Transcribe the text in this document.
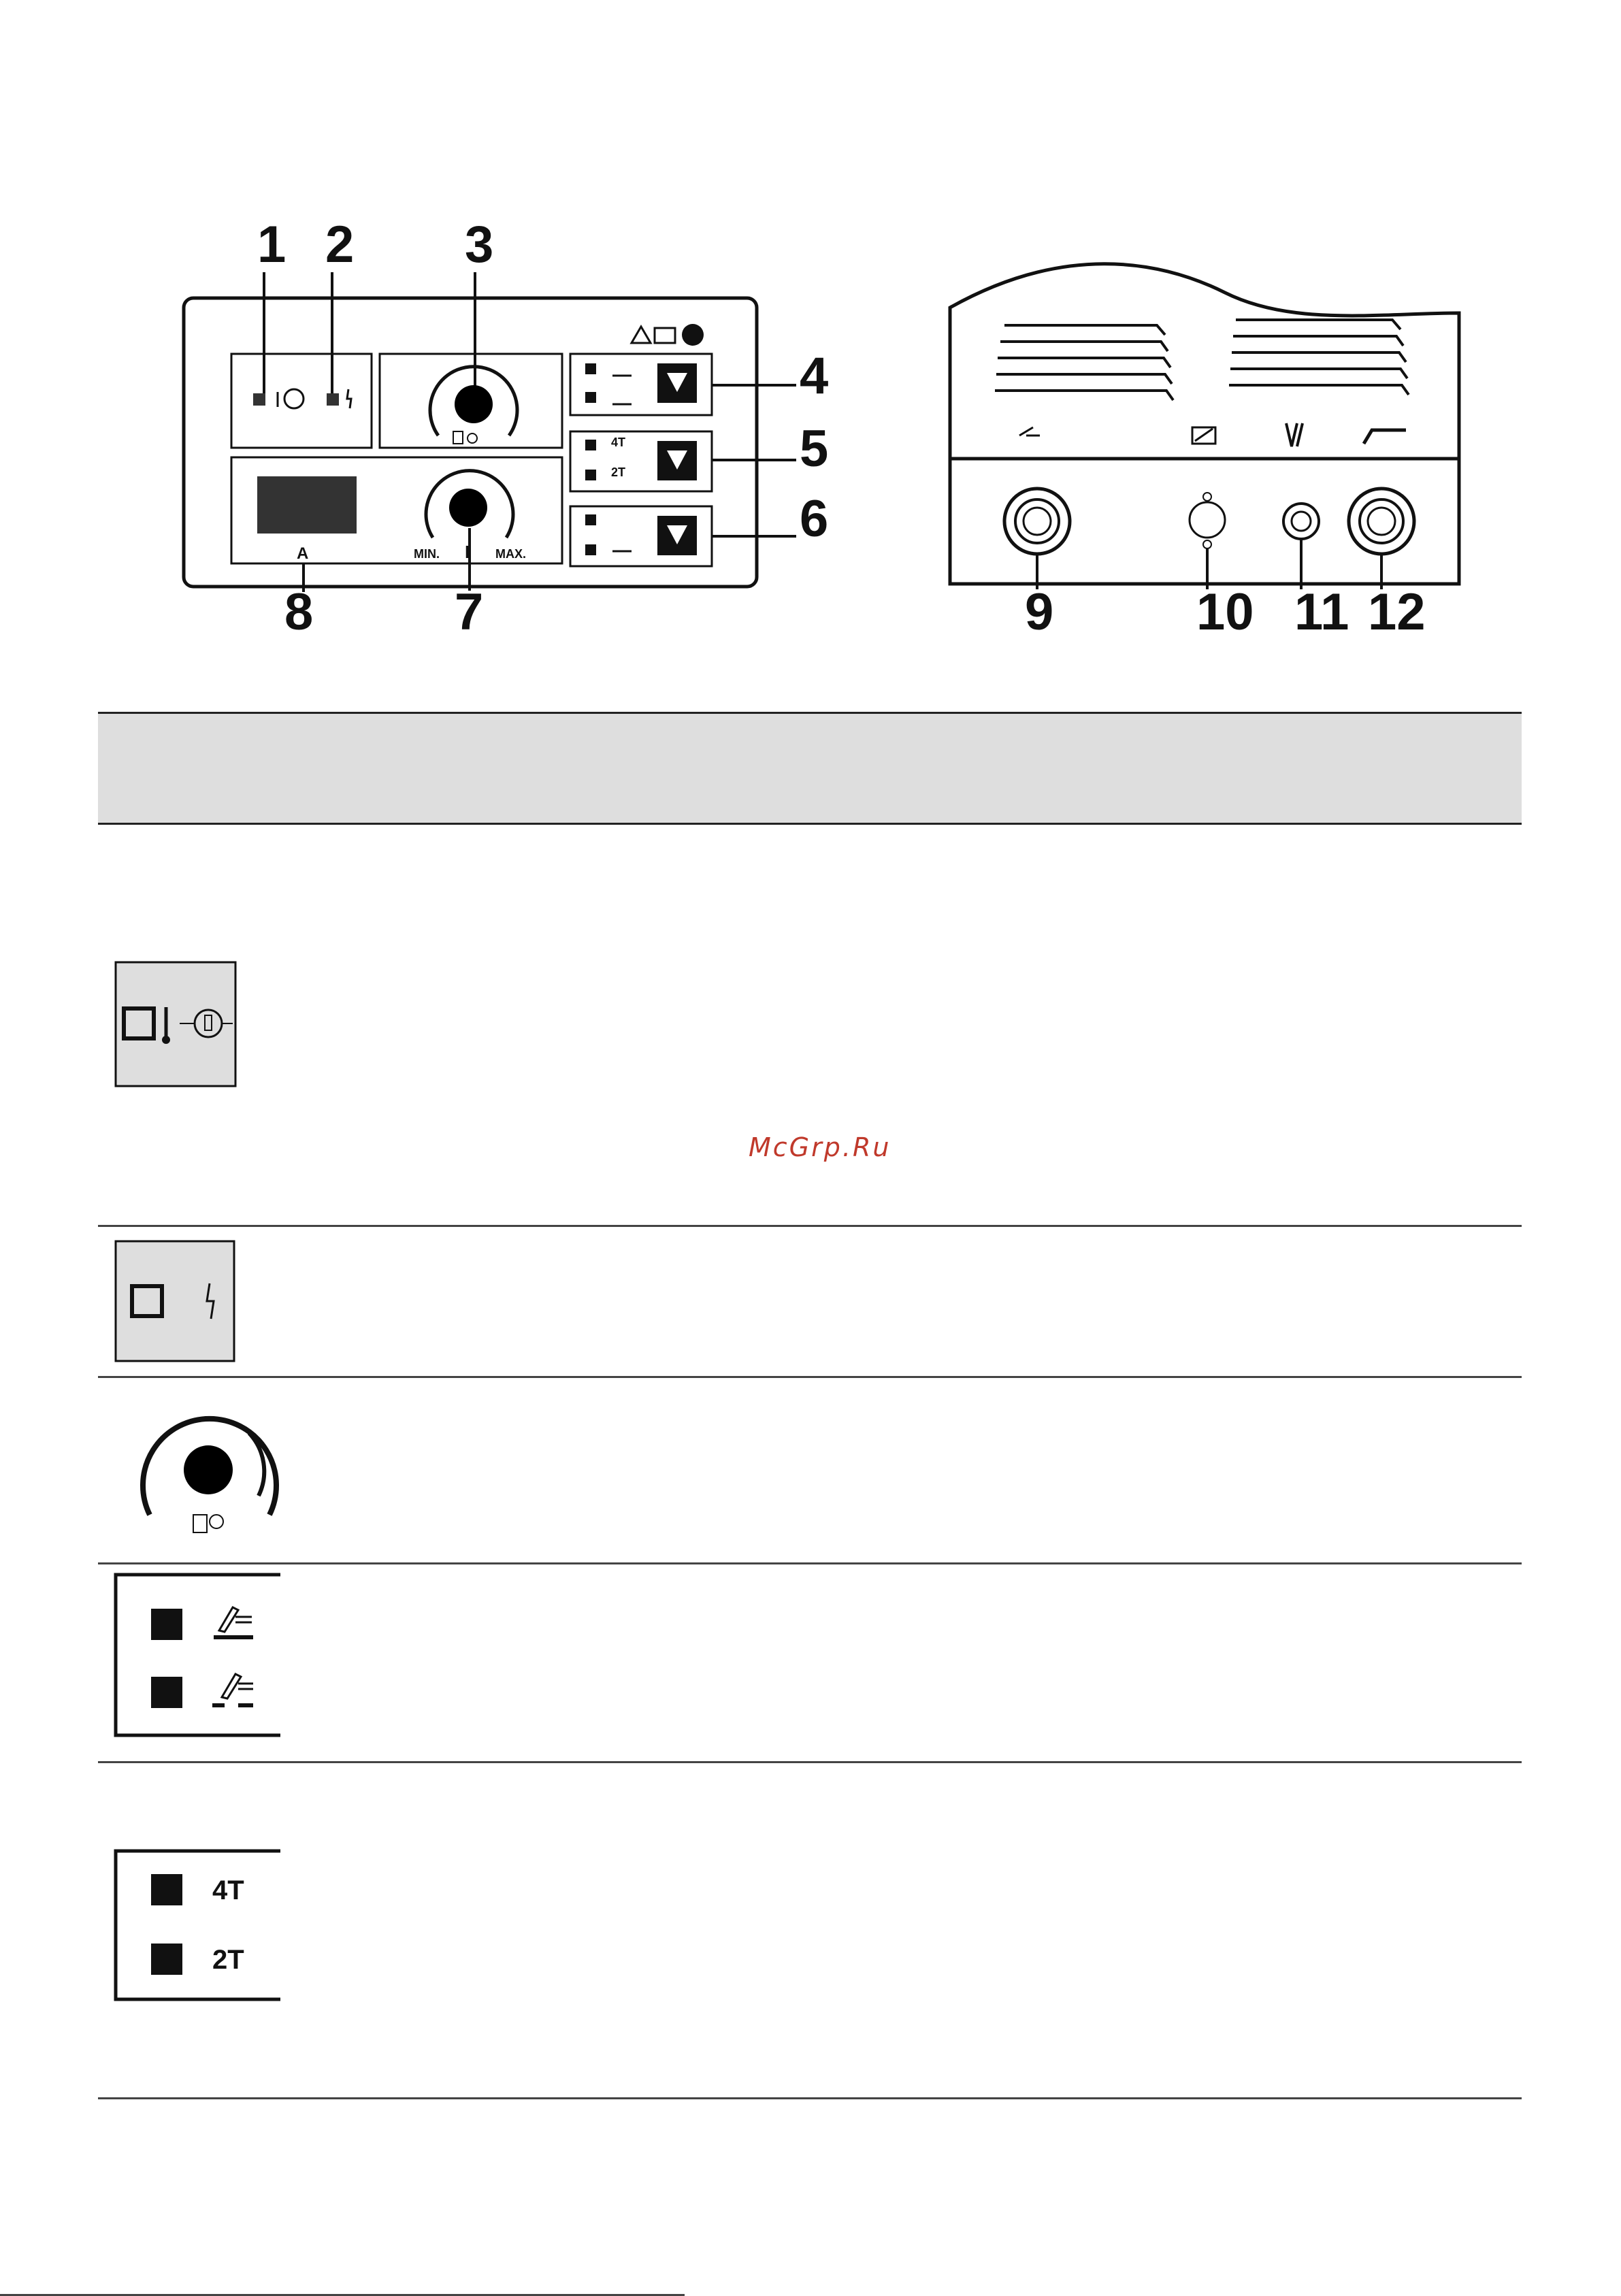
1 2 3
4
5
6
7
8
A	MIN. I MAX.
4T
2T
9	10 11 12
McGrp.Ru
4T
2T
